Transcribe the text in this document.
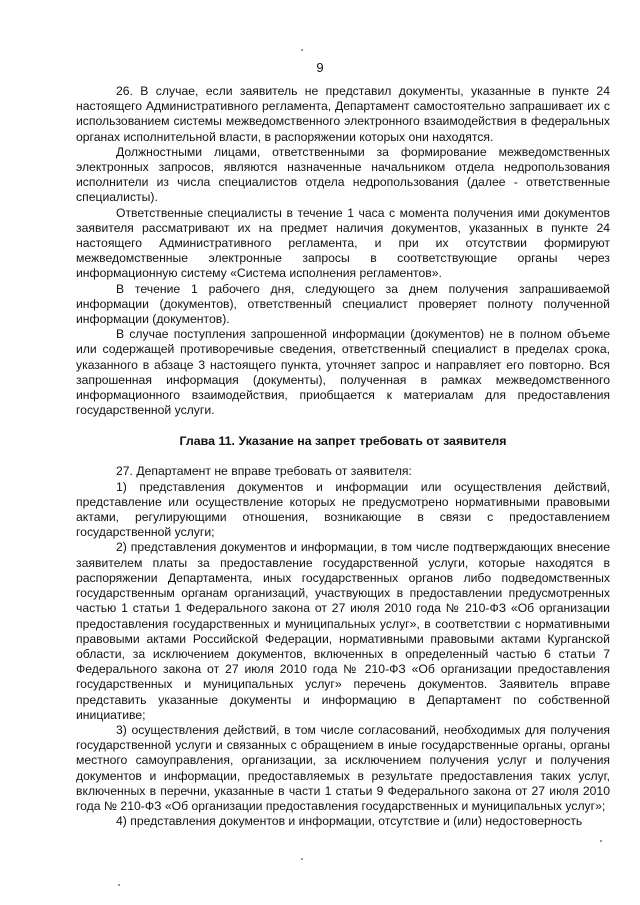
9

26. В случае, если заявитель не представил документы, указанные в пункте 24 настоящего Административного регламента, Департамент самостоятельно запрашивает их с использованием системы межведомственного электронного взаимодействия в федеральных органах исполнительной власти, в распоряжении которых они находятся.

Должностными лицами, ответственными за формирование межведомственных электронных запросов, являются назначенные начальником отдела недропользования исполнители из числа специалистов отдела недропользования (далее - ответственные специалисты).

Ответственные специалисты в течение 1 часа с момента получения ими документов заявителя рассматривают их на предмет наличия документов, указанных в пункте 24 настоящего Административного регламента, и при их отсутствии формируют межведомственные электронные запросы в соответствующие органы через информационную систему «Система исполнения регламентов».

В течение 1 рабочего дня, следующего за днем получения запрашиваемой информации (документов), ответственный специалист проверяет полноту полученной информации (документов).

В случае поступления запрошенной информации (документов) не в полном объеме или содержащей противоречивые сведения, ответственный специалист в пределах срока, указанного в абзаце 3 настоящего пункта, уточняет запрос и направляет его повторно. Вся запрошенная информация (документы), полученная в рамках межведомственного информационного взаимодействия, приобщается к материалам для предоставления государственной услуги.

Глава 11. Указание на запрет требовать от заявителя

27. Департамент не вправе требовать от заявителя:

1) представления документов и информации или осуществления действий, представление или осуществление которых не предусмотрено нормативными правовыми актами, регулирующими отношения, возникающие в связи с предоставлением государственной услуги;

2) представления документов и информации, в том числе подтверждающих внесение заявителем платы за предоставление государственной услуги, которые находятся в распоряжении Департамента, иных государственных органов либо подведомственных государственным органам организаций, участвующих в предоставлении предусмотренных частью 1 статьи 1 Федерального закона от 27 июля 2010 года № 210-ФЗ «Об организации предоставления государственных и муниципальных услуг», в соответствии с нормативными правовыми актами Российской Федерации, нормативными правовыми актами Курганской области, за исключением документов, включенных в определенный частью 6 статьи 7 Федерального закона от 27 июля 2010 года № 210-ФЗ «Об организации предоставления государственных и муниципальных услуг» перечень документов. Заявитель вправе представить указанные документы и информацию в Департамент по собственной инициативе;

3) осуществления действий, в том числе согласований, необходимых для получения государственной услуги и связанных с обращением в иные государственные органы, органы местного самоуправления, организации, за исключением получения услуг и получения документов и информации, предоставляемых в результате предоставления таких услуг, включенных в перечни, указанные в части 1 статьи 9 Федерального закона от 27 июля 2010 года № 210-ФЗ «Об организации предоставления государственных и муниципальных услуг»;

4) представления документов и информации, отсутствие и (или) недостоверность
